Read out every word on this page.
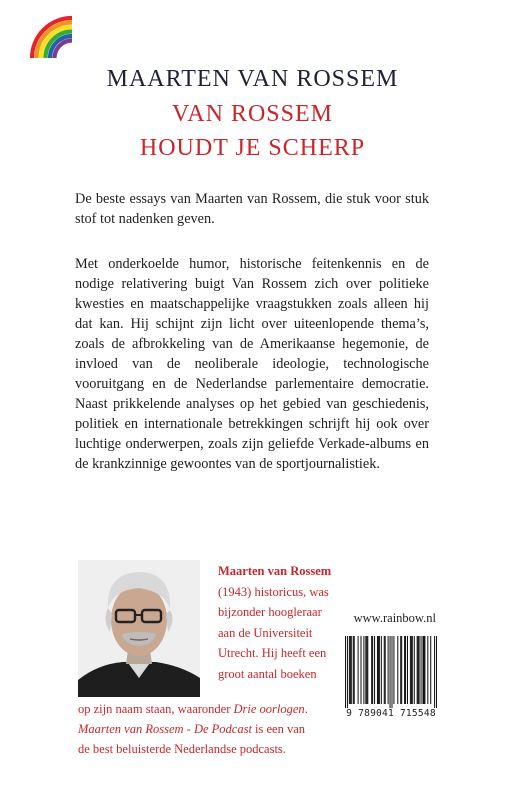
MAARTEN VAN ROSSEM
VAN ROSSEM
HOUDT JE SCHERP

De beste essays van Maarten van Rossem, die stuk voor stuk stof tot nadenken geven.

Met onderkoelde humor, historische feitenkennis en de nodige relativering buigt Van Rossem zich over politieke kwesties en maatschappelijke vraagstukken zoals alleen hij dat kan. Hij schijnt zijn licht over uiteenlopende thema’s, zoals de afbrokkeling van de Amerikaanse hegemonie, de invloed van de neoliberale ideologie, technologische vooruitgang en de Nederlandse parlementaire democratie. Naast prikkelende analyses op het gebied van geschiedenis, politiek en internationale betrekkingen schrijft hij ook over luchtige onderwerpen, zoals zijn geliefde Verkade-albums en de krankzinnige gewoontes van de sportjournalistiek.

Maarten van Rossem
(1943) historicus, was bijzonder hoogleraar aan de Universiteit Utrecht. Hij heeft een groot aantal boeken
op zijn naam staan, waaronder Drie oorlogen.
Maarten van Rossem - De Podcast is een van
de best beluisterde Nederlandse podcasts.
www.rainbow.nl
9 789041 715548
